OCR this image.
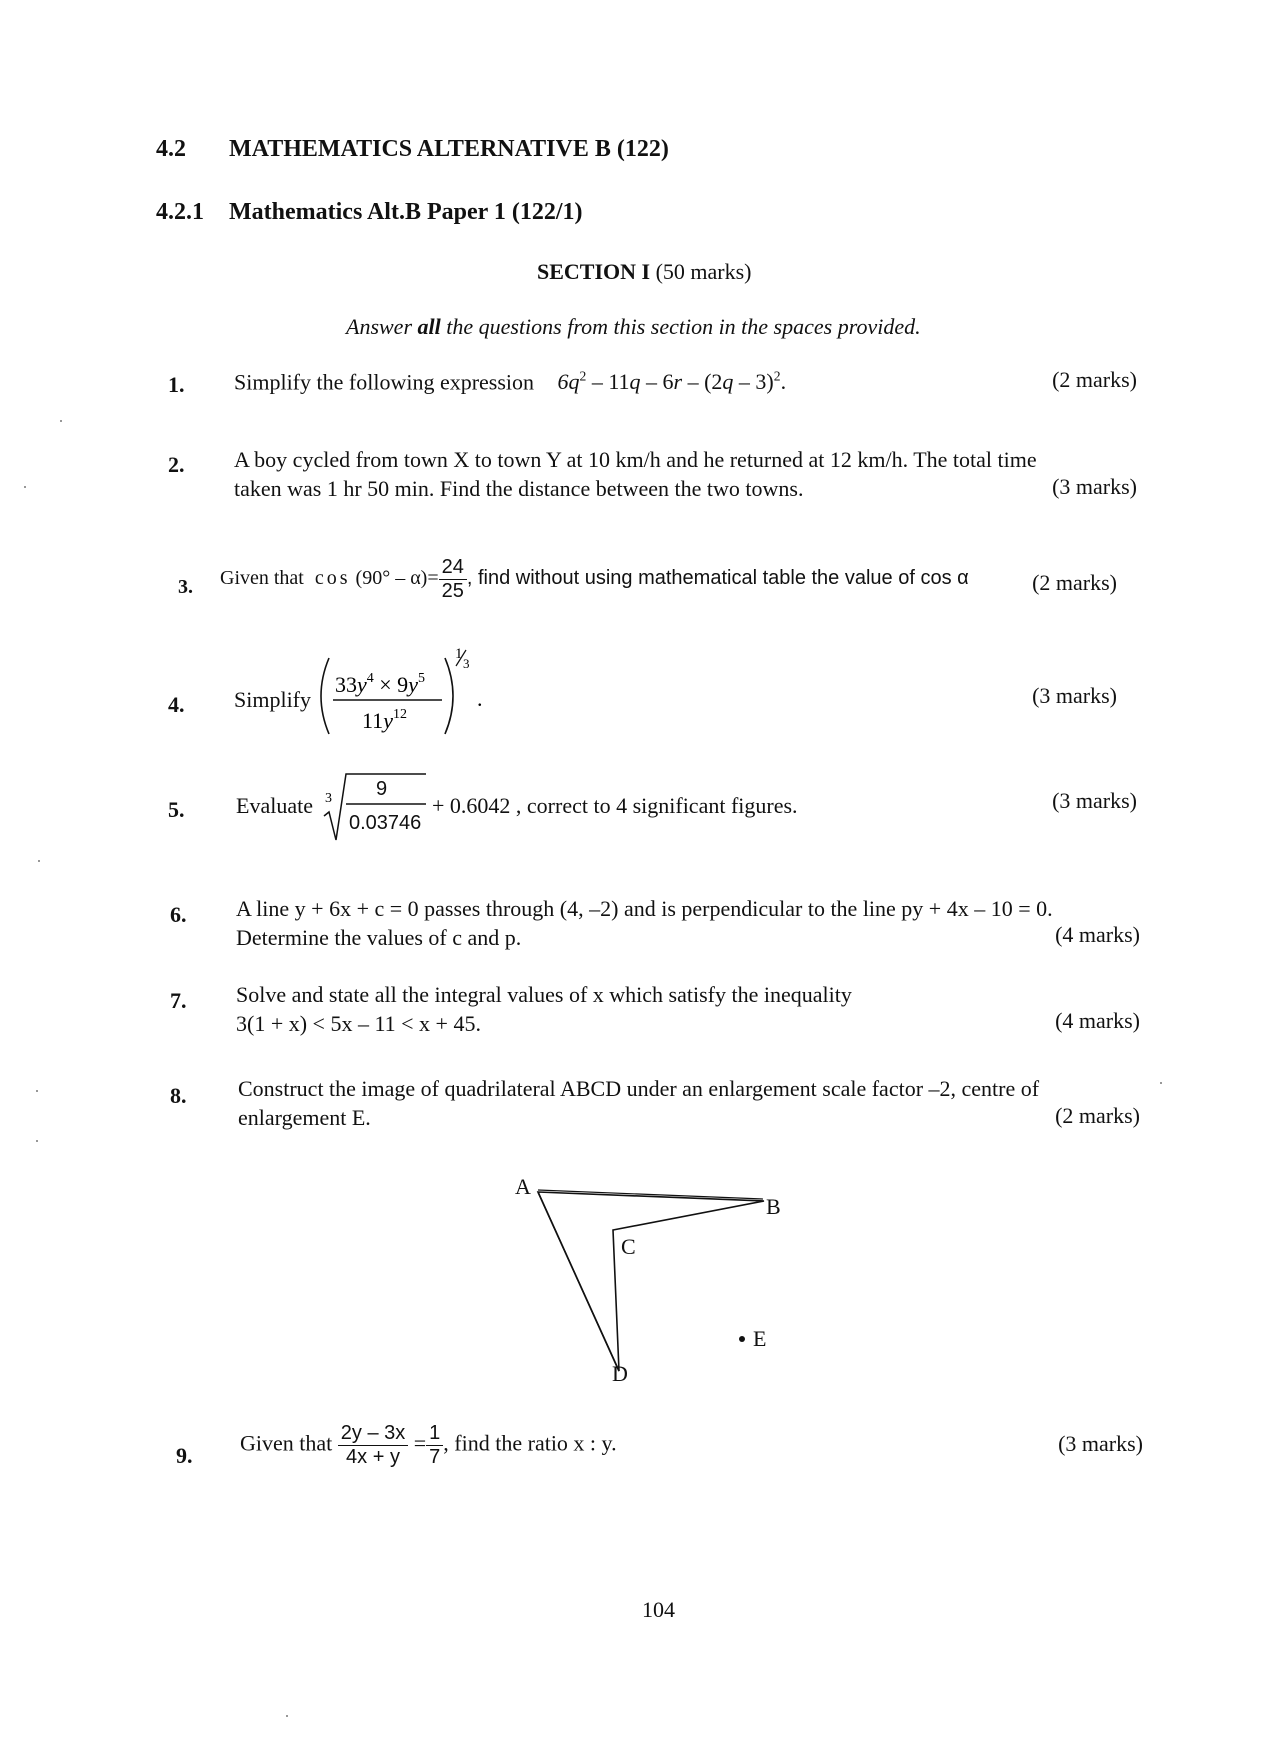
4.2 MATHEMATICS ALTERNATIVE B (122)
4.2.1 Mathematics Alt.B Paper 1 (122/1)
SECTION I (50 marks)
Answer all the questions from this section in the spaces provided.
1. Simplify the following expression $6q^2 - 11q - 6r - (2q - 3)^2$.	(2 marks)
2. A boy cycled from town X to town Y at 10 km/h and he returned at 12 km/h. The total time
taken was 1 hr 50 min. Find the distance between the two towns.	(3 marks)
3. Given that $\cos (90^\circ - \alpha)= \frac{24}{25}$ , find without using mathematical table the value of cos α	(2 marks)
4. Simplify
$33y^4 \times 9y^5$
$11y^{12}$
1
3
.	(3 marks)
5. Evaluate 3 9
0.03746
+ 0.6042 , correct to 4 significant figures.	(3 marks)
6. A line y + 6x + c = 0 passes through (4, –2) and is perpendicular to the line py + 4x – 10 = 0.
Determine the values of c and p.	(4 marks)
7. Solve and state all the integral values of x which satisfy the inequality
3(1 + x) < 5x – 11 < x + 45.	(4 marks)
8. Construct the image of quadrilateral ABCD under an enlargement scale factor –2, centre of
enlargement E.	(2 marks)
A
B
C
D
E
9. Given that $\frac{2y - 3x}{4x + y} = \frac{1}{7}$ , find the ratio x : y.	(3 marks)
104
